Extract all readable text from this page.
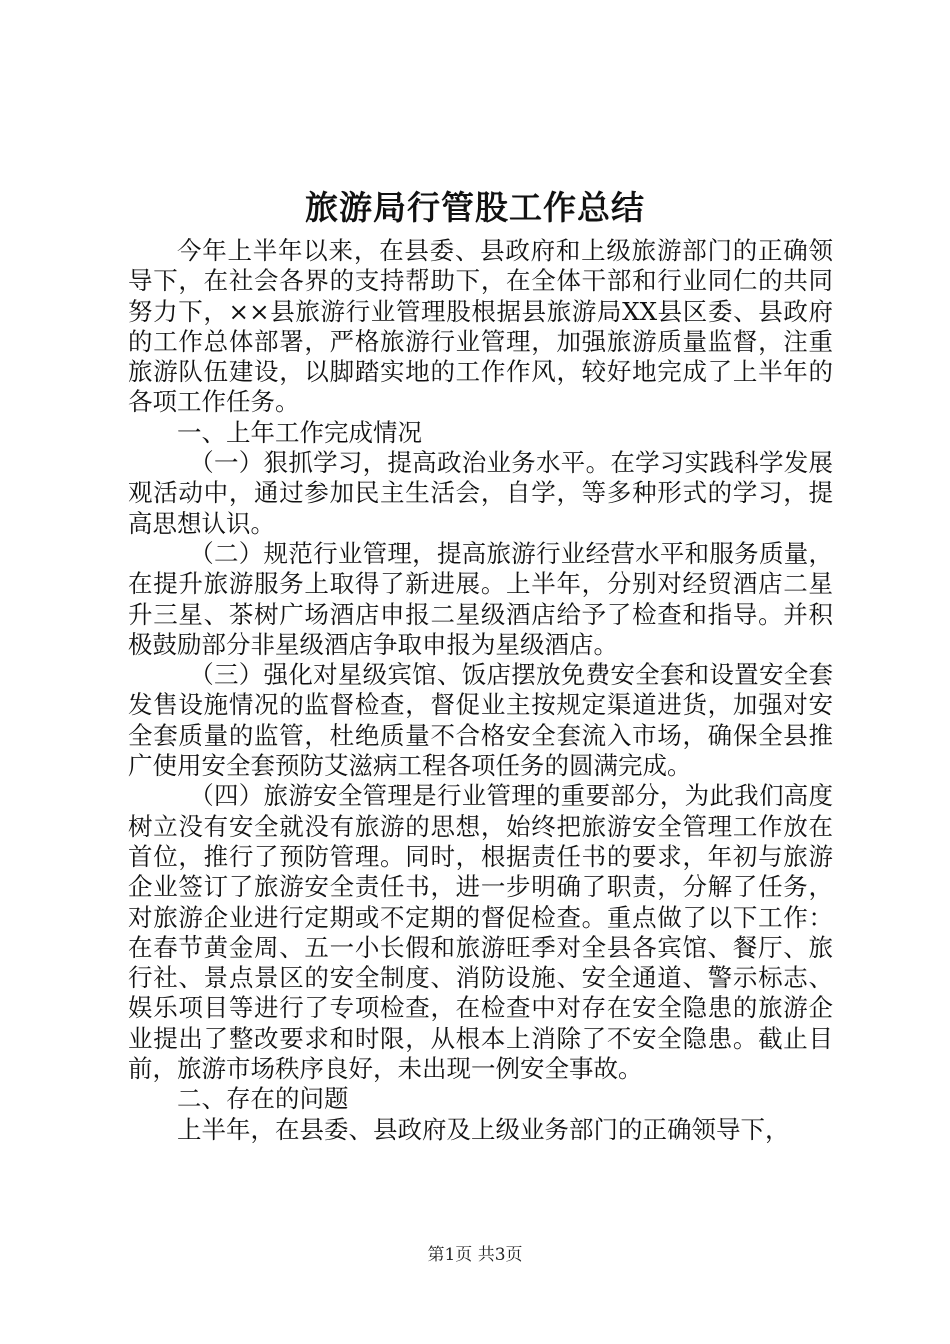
旅游局行管股工作总结

今年上半年以来，在县委、县政府和上级旅游部门的正确领导下，在社会各界的支持帮助下，在全体干部和行业同仁的共同努力下，××县旅游行业管理股根据县旅游局XX县区委、县政府的工作总体部署，严格旅游行业管理，加强旅游质量监督，注重旅游队伍建设，以脚踏实地的工作作风，较好地完成了上半年的各项工作任务。

一、上年工作完成情况

（一）狠抓学习，提高政治业务水平。在学习实践科学发展观活动中，通过参加民主生活会，自学，等多种形式的学习，提高思想认识。

（二）规范行业管理，提高旅游行业经营水平和服务质量，在提升旅游服务上取得了新进展。上半年，分别对经贸酒店二星升三星、茶树广场酒店申报二星级酒店给予了检查和指导。并积极鼓励部分非星级酒店争取申报为星级酒店。

（三）强化对星级宾馆、饭店摆放免费安全套和设置安全套发售设施情况的监督检查，督促业主按规定渠道进货，加强对安全套质量的监管，杜绝质量不合格安全套流入市场，确保全县推广使用安全套预防艾滋病工程各项任务的圆满完成。

（四）旅游安全管理是行业管理的重要部分，为此我们高度树立没有安全就没有旅游的思想，始终把旅游安全管理工作放在首位，推行了预防管理。同时，根据责任书的要求，年初与旅游企业签订了旅游安全责任书，进一步明确了职责，分解了任务，对旅游企业进行定期或不定期的督促检查。重点做了以下工作：在春节黄金周、五一小长假和旅游旺季对全县各宾馆、餐厅、旅行社、景点景区的安全制度、消防设施、安全通道、警示标志、娱乐项目等进行了专项检查，在检查中对存在安全隐患的旅游企业提出了整改要求和时限，从根本上消除了不安全隐患。截止目前，旅游市场秩序良好，未出现一例安全事故。

二、存在的问题

上半年，在县委、县政府及上级业务部门的正确领导下，

第1页 共3页
